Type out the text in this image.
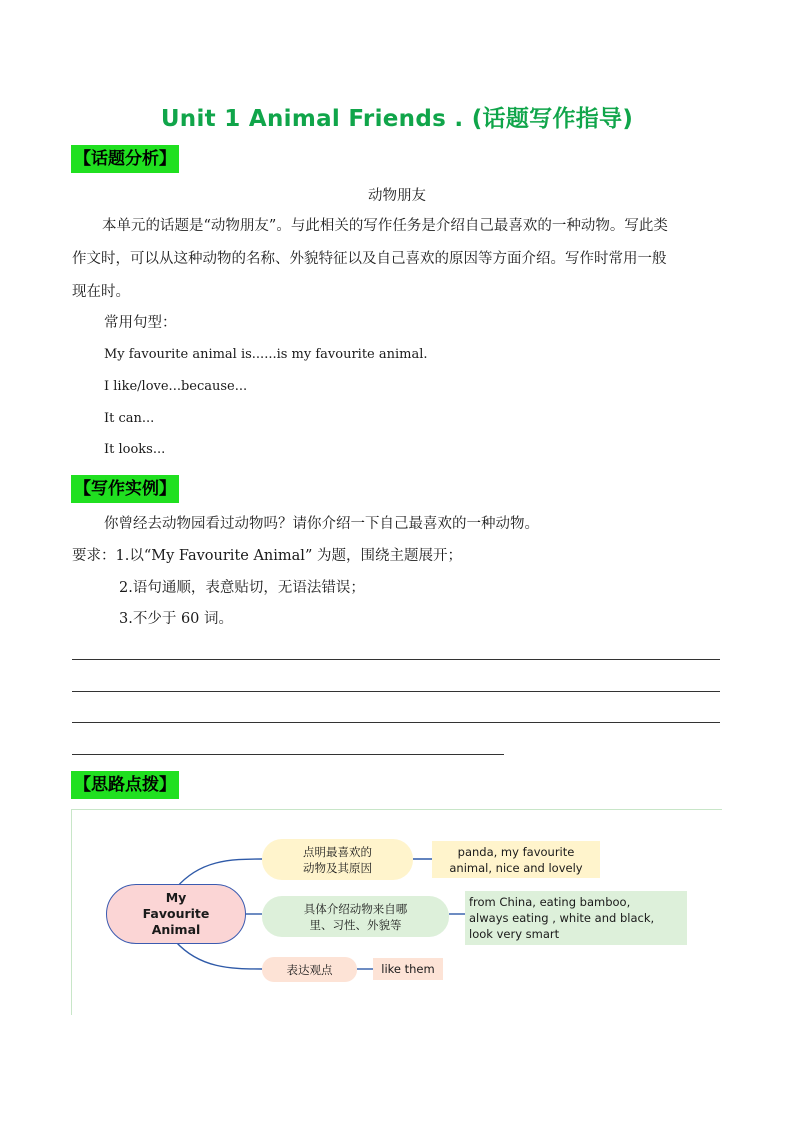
Unit 1 Animal Friends . (话题写作指导)
【话题分析】
动物朋友
本单元的话题是“动物朋友”。与此相关的写作任务是介绍自己最喜欢的一种动物。写此类
作文时，可以从这种动物的名称、外貌特征以及自己喜欢的原因等方面介绍。写作时常用一般
现在时。
常用句型：
My favourite animal is......is my favourite animal.
I like/love...because...
It can...
It looks...
【写作实例】
你曾经去动物园看过动物吗？请你介绍一下自己最喜欢的一种动物。
要求：1.以“My Favourite Animal” 为题，围绕主题展开；
2.语句通顺，表意贴切，无语法错误；
3.不少于 60 词。
【思路点拨】
My
Favourite
Animal
点明最喜欢的
动物及其原因
panda, my favourite
animal, nice and lovely
具体介绍动物来自哪
里、习性、外貌等
from China, eating bamboo,
always eating , white and black,
look very smart
表达观点	like them
